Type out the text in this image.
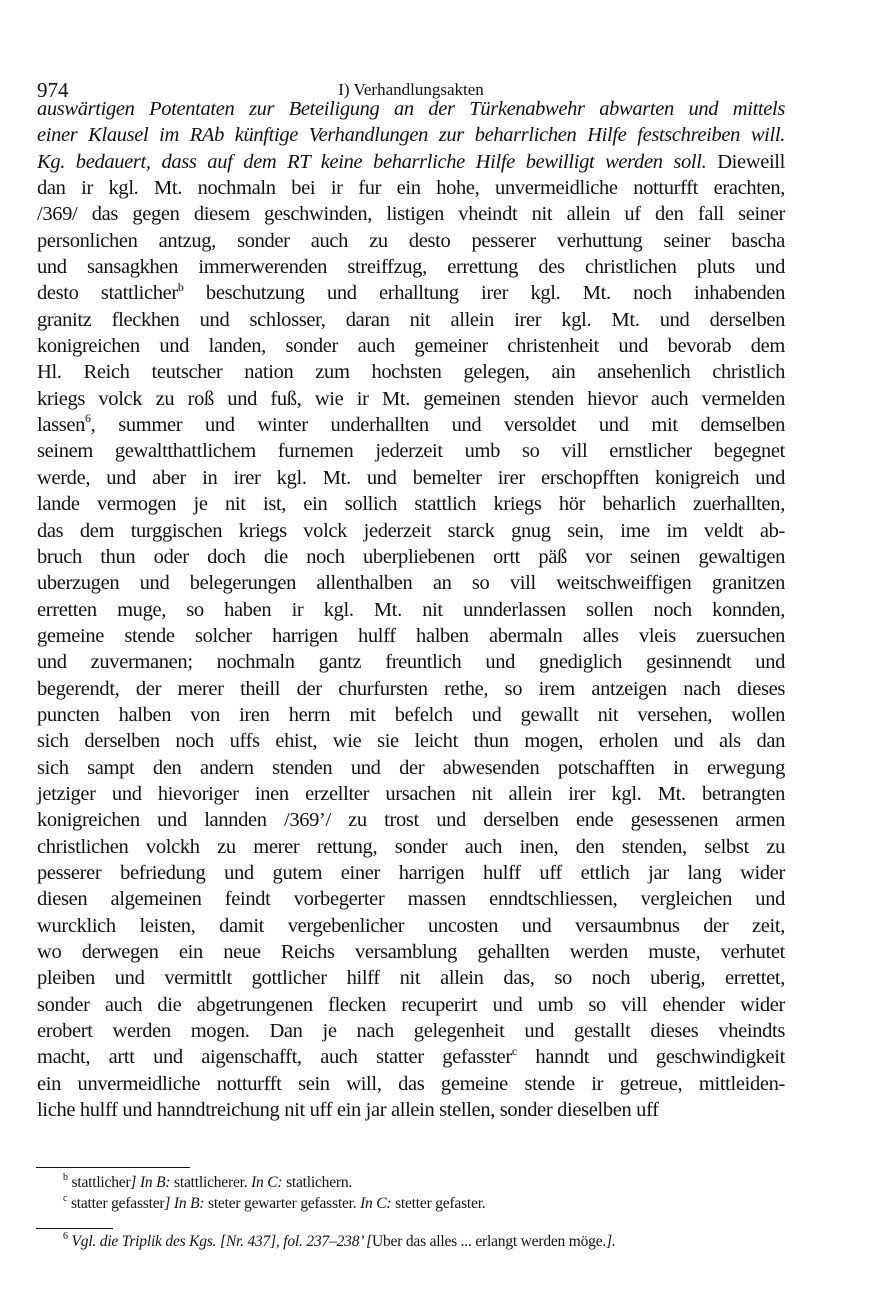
974	I) Verhandlungsakten
auswärtigen Potentaten zur Beteiligung an der Türkenabwehr abwarten und mittels
einer Klausel im RAb künftige Verhandlungen zur beharrlichen Hilfe festschreiben will.
Kg. bedauert, dass auf dem RT keine beharrliche Hilfe bewilligt werden soll. Dieweill
dan ir kgl. Mt. nochmaln bei ir fur ein hohe, unvermeidliche notturfft erachten,
/369/ das gegen diesem geschwinden, listigen vheindt nit allein uf den fall seiner
personlichen antzug, sonder auch zu desto pesserer verhuttung seiner bascha
und sansagkhen immerwerenden streiffzug, errettung des christlichen pluts und
desto stattlicher$^b$ beschutzung und erhalltung irer kgl. Mt. noch inhabenden
granitz fleckhen und schlosser, daran nit allein irer kgl. Mt. und derselben
konigreichen und landen, sonder auch gemeiner christenheit und bevorab dem
Hl. Reich teutscher nation zum hochsten gelegen, ain ansehenlich christlich
kriegs volck zu roß und fuß, wie ir Mt. gemeinen stenden hievor auch vermelden
lassen$^6$, summer und winter underhallten und versoldet und mit demselben
seinem gewaltthattlichem furnemen jederzeit umb so vill ernstlicher begegnet
werde, und aber in irer kgl. Mt. und bemelter irer erschopfften konigreich und
lande vermogen je nit ist, ein sollich stattlich kriegs hör beharlich zuerhallten,
das dem turggischen kriegs volck jederzeit starck gnug sein, ime im veldt ab-
bruch thun oder doch die noch uberpliebenen ortt päß vor seinen gewaltigen
uberzugen und belegerungen allenthalben an so vill weitschweiffigen granitzen
erretten muge, so haben ir kgl. Mt. nit unnderlassen sollen noch konnden,
gemeine stende solcher harrigen hulff halben abermaln alles vleis zuersuchen
und zuvermanen; nochmaln gantz freuntlich und gnediglich gesinnendt und
begerendt, der merer theill der churfursten rethe, so irem antzeigen nach dieses
puncten halben von iren herrn mit befelch und gewallt nit versehen, wollen
sich derselben noch uffs ehist, wie sie leicht thun mogen, erholen und als dan
sich sampt den andern stenden und der abwesenden potschafften in erwegung
jetziger und hievoriger inen erzellter ursachen nit allein irer kgl. Mt. betrangten
konigreichen und lannden /369’/ zu trost und derselben ende gesessenen armen
christlichen volckh zu merer rettung, sonder auch inen, den stenden, selbst zu
pesserer befriedung und gutem einer harrigen hulff uff ettlich jar lang wider
diesen algemeinen feindt vorbegerter massen enndtschliessen, vergleichen und
wurcklich leisten, damit vergebenlicher uncosten und versaumbnus der zeit,
wo derwegen ein neue Reichs versamblung gehallten werden muste, verhutet
pleiben und vermittlt gottlicher hilff nit allein das, so noch uberig, errettet,
sonder auch die abgetrungenen flecken recuperirt und umb so vill ehender wider
erobert werden mogen. Dan je nach gelegenheit und gestallt dieses vheindts
macht, artt und aigenschafft, auch statter gefasster$^c$ hanndt und geschwindigkeit
ein unvermeidliche notturfft sein will, das gemeine stende ir getreue, mittleiden-
liche hulff und hanndtreichung nit uff ein jar allein stellen, sonder dieselben uff
$^b$ stattlicher] In B: stattlicherer. In C: statlichern.
$^c$ statter gefasster] In B: steter gewarter gefasster. In C: stetter gefaster.
$^6$ Vgl. die Triplik des Kgs. [Nr. 437], fol. 237–238’ [Uber das alles ... erlangt werden möge.].
